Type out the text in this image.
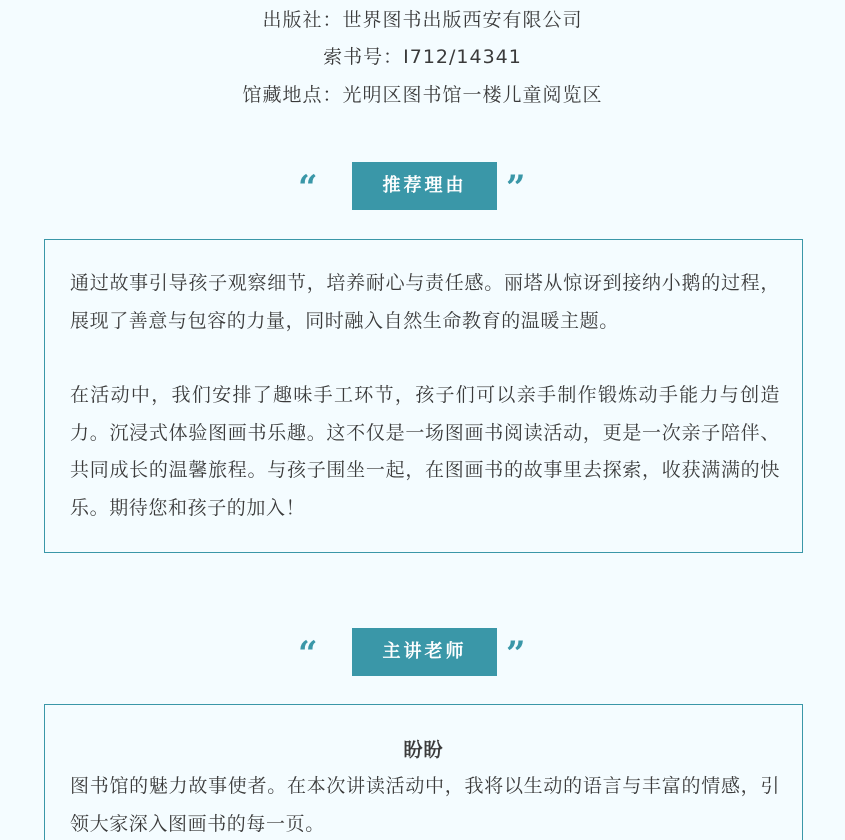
出版社：世界图书出版西安有限公司
索书号：I712/14341
馆藏地点：光明区图书馆一楼儿童阅览区
“	推荐理由	”
通过故事引导孩子观察细节，培养耐心与责任感。丽塔从惊讶到接纳小鹅的过程，展现了善意与包容的力量，同时融入自然生命教育的温暖主题。
在活动中，我们安排了趣味手工环节，孩子们可以亲手制作锻炼动手能力与创造力。沉浸式体验图画书乐趣。这不仅是一场图画书阅读活动，更是一次亲子陪伴、共同成长的温馨旅程。与孩子围坐一起，在图画书的故事里去探索，收获满满的快乐。期待您和孩子的加入！
“	主讲老师	”
盼盼
图书馆的魅力故事使者。在本次讲读活动中，我将以生动的语言与丰富的情感，引领大家深入图画书的每一页。
